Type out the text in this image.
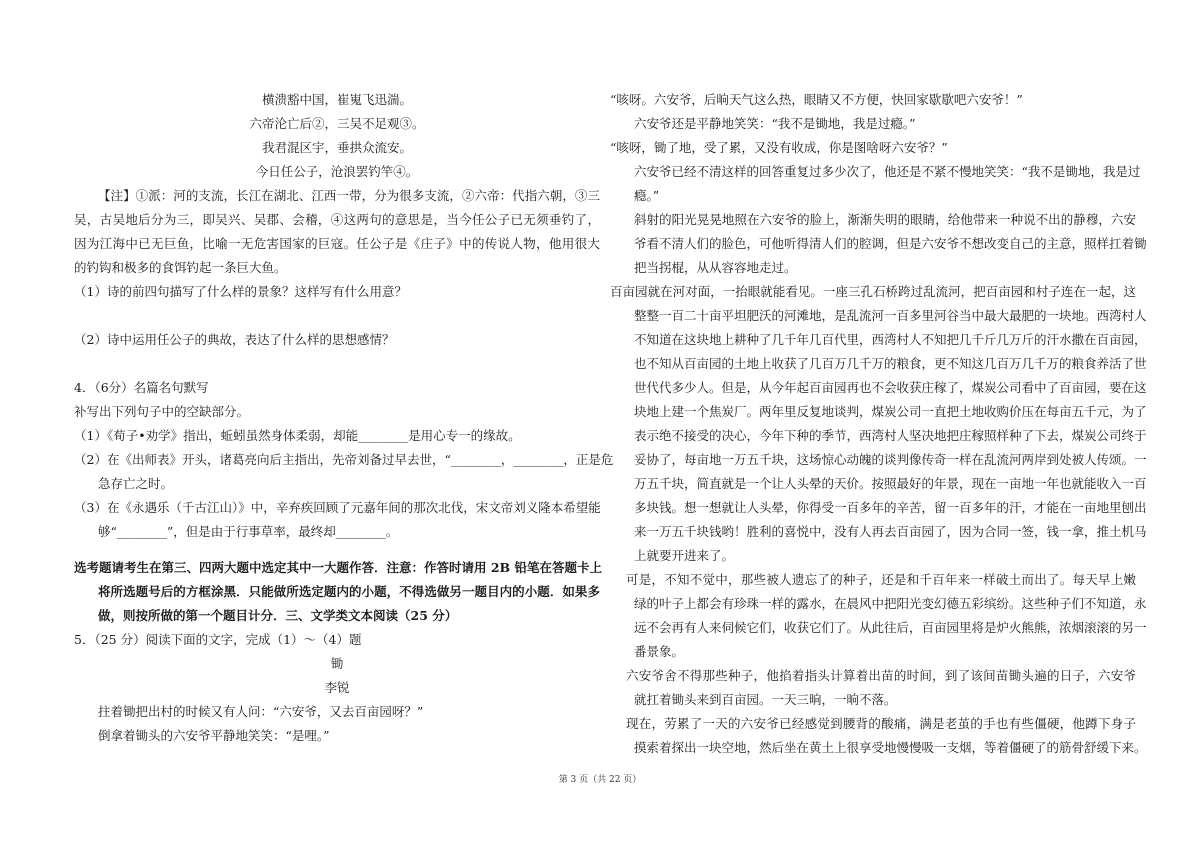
横溃豁中国，崔嵬飞迅湍。
六帝沦亡后②，三吴不足观③。
我君混区宇，垂拱众流安。
今日任公子，沧浪罢钓竿④。
【注】①派：河的支流，长江在湖北、江西一带，分为很多支流，②六帝：代指六朝，③三
吴，古吴地后分为三，即吴兴、吴郡、会稽，④这两句的意思是，当今任公子已无须垂钓了，
因为江海中已无巨鱼，比喻一无危害国家的巨寇。任公子是《庄子》中的传说人物，他用很大
的钓钩和极多的食饵钓起一条巨大鱼。
（1）诗的前四句描写了什么样的景象？这样写有什么用意？
（2）诗中运用任公子的典故，表达了什么样的思想感情？
4．（6分）名篇名句默写
补写出下列句子中的空缺部分。
（1）《荀子•劝学》指出，蚯蚓虽然身体柔弱，却能________是用心专一的缘故。
（2）在《出师表》开头，诸葛亮向后主指出，先帝刘备过早去世，“________，________，正是危
急存亡之时。
（3）在《永遇乐（千古江山）》中，辛弃疾回顾了元嘉年间的那次北伐，宋文帝刘义隆本希望能
够“________”，但是由于行事草率，最终却________。
选考题请考生在第三、四两大题中选定其中一大题作答．注意：作答时请用 2B 铅笔在答题卡上
将所选题号后的方框涂黑．只能做所选定题内的小题，不得选做另一题目内的小题．如果多
做，则按所做的第一个题目计分．三、文学类文本阅读（25 分）
5．（25 分）阅读下面的文字，完成（1）～（4）题
锄
李锐
拄着锄把出村的时候又有人问：“六安爷，又去百亩园呀？”
倒拿着锄头的六安爷平静地笑笑：“是哩。”
“咳呀。六安爷，后晌天气这么热，眼睛又不方便，快回家歇歇吧六安爷！”
六安爷还是平静地笑笑：“我不是锄地，我是过瘾。”
“咳呀，锄了地，受了累，又没有收成，你是图啥呀六安爷？”
六安爷已经不清这样的回答重复过多少次了，他还是不紧不慢地笑笑：“我不是锄地，我是过
瘾。”
斜射的阳光晃晃地照在六安爷的脸上，渐渐失明的眼睛，给他带来一种说不出的静穆，六安
爷看不清人们的脸色，可他听得清人们的腔调，但是六安爷不想改变自己的主意，照样扛着锄
把当拐棍，从从容容地走过。
百亩园就在河对面，一抬眼就能看见。一座三孔石桥跨过乱流河，把百亩园和村子连在一起，这
整整一百二十亩平坦肥沃的河滩地，是乱流河一百多里河谷当中最大最肥的一块地。西湾村人
不知道在这块地上耕种了几千年几百代里，西湾村人不知把几千斤几万斤的汗水撒在百亩园，
也不知从百亩园的土地上收获了几百万几千万的粮食，更不知这几百万几千万的粮食养活了世
世代代多少人。但是，从今年起百亩园再也不会收获庄稼了，煤炭公司看中了百亩园，要在这
块地上建一个焦炭厂。两年里反复地谈判，煤炭公司一直把土地收购价压在每亩五千元，为了
表示绝不接受的决心，今年下种的季节，西湾村人坚决地把庄稼照样种了下去，煤炭公司终于
妥协了，每亩地一万五千块，这场惊心动魄的谈判像传奇一样在乱流河两岸到处被人传颂。一
万五千块，简直就是一个让人头晕的天价。按照最好的年景，现在一亩地一年也就能收入一百
多块钱。想一想就让人头晕，你得受一百多年的辛苦，留一百多年的汗，才能在一亩地里刨出
来一万五千块钱哟！胜利的喜悦中，没有人再去百亩园了，因为合同一签，钱一拿，推土机马
上就要开进来了。
可是，不知不觉中，那些被人遗忘了的种子，还是和千百年来一样破土而出了。每天早上嫩
绿的叶子上都会有珍珠一样的露水，在晨风中把阳光变幻德五彩缤纷。这些种子们不知道，永
远不会再有人来伺候它们，收获它们了。从此往后，百亩园里将是炉火熊熊，浓烟滚滚的另一
番景象。
六安爷舍不得那些种子，他掐着指头计算着出苗的时间，到了该间苗锄头遍的日子，六安爷
就扛着锄头来到百亩园。一天三晌，一晌不落。
现在，劳累了一天的六安爷已经感觉到腰背的酸痛，满是老茧的手也有些僵硬，他蹲下身子
摸索着探出一块空地，然后坐在黄土上很享受地慢慢吸一支烟，等着僵硬了的筋骨舒缓下来。
第 3 页（共 22 页）
